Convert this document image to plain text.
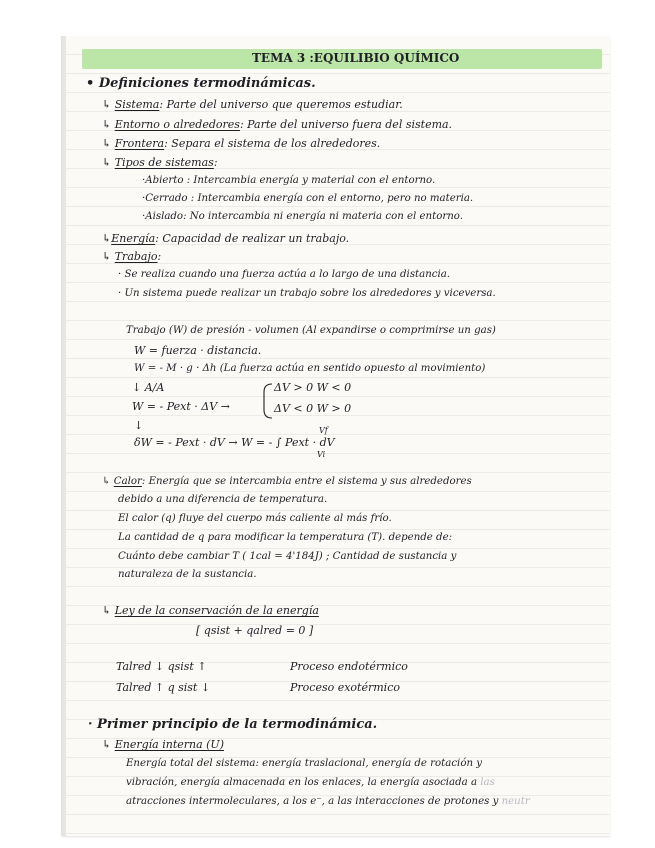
TEMA 3 :EQUILIBIO QUÍMICO
• Definiciones termodinámicas.
↳ Sistema: Parte del universo que queremos estudiar.
↳ Entorno o alrededores: Parte del universo fuera del sistema.
↳ Frontera: Separa el sistema de los alrededores.
↳ Tipos de sistemas:
·Abierto : Intercambia energía y material con el entorno.
·Cerrado : Intercambia energía con el entorno, pero no materia.
·Aislado: No intercambia ni energía ni materia con el entorno.
↳Energía: Capacidad de realizar un trabajo.
↳ Trabajo:
· Se realiza cuando una fuerza actúa a lo largo de una distancia.
· Un sistema puede realizar un trabajo sobre los alrededores y viceversa.
Trabajo (W) de presión - volumen (Al expandirse o comprimirse un gas)
W = fuerza · distancia.
W = - M · g · Δh (La fuerza actúa en sentido opuesto al movimiento)
↓ A/A
W = - Pext · ΔV →
ΔV > 0 W < 0
ΔV < 0 W > 0
↓
δW = - Pext · dV → W = - ∫ Pext · dV
Vf
Vi
↳ Calor: Energía que se intercambia entre el sistema y sus alrededores
debido a una diferencia de temperatura.
El calor (q) fluye del cuerpo más caliente al más frío.
La cantidad de q para modificar la temperatura (T). depende de:
Cuánto debe cambiar T ( 1cal = 4'184J) ; Cantidad de sustancia y
naturaleza de la sustancia.
↳ Ley de la conservación de la energía
[ qsist + qalred = 0 ]
Talred ↓ qsist ↑	Proceso endotérmico
Talred ↑ q sist ↓	Proceso exotérmico
· Primer principio de la termodinámica.
↳ Energía interna (U)
Energía total del sistema: energía traslacional, energía de rotación y
vibración, energía almacenada en los enlaces, la energía asociada a las
atracciones intermoleculares, a los e⁻, a las interacciones de protones y neutr
